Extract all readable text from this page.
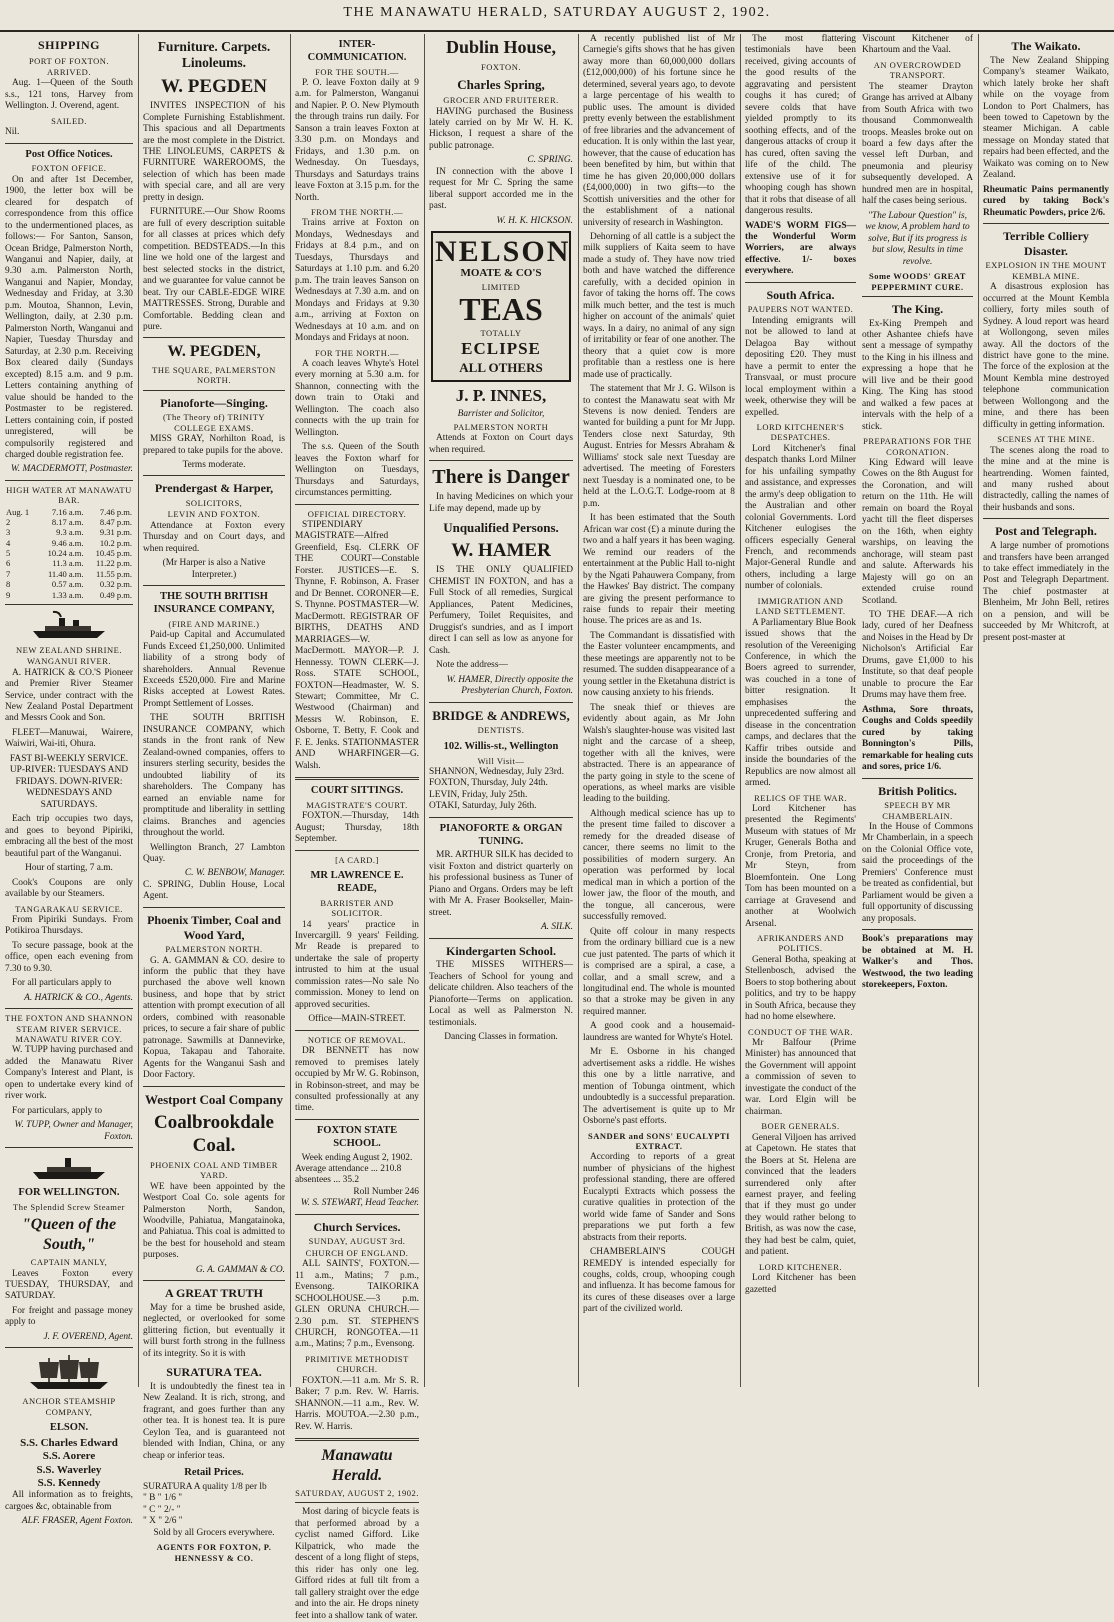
THE MANAWATU HERALD, SATURDAY AUGUST 2, 1902.
SHIPPING
PORT OF FOXTON.
ARRIVED.

Aug. 1—Queen of the South s.s., 121 tons, Harvey from Wellington. J. Overend, agent.

SAILED.
Nil.
Post Office Notices.
FOXTON OFFICE.

On and after 1st December, 1900, the letter box will be cleared for despatch of correspondence from this office to the undermentioned places, as follows:— For Santon, Sanson, Ocean Bridge, Palmerston North, Wanganui and Napier, daily, at 9.30 a.m. Palmerston North, Wanganui and Napier, Monday, Wednesday and Friday, at 3.30 p.m. Moutoa, Shannon, Levin, Wellington, daily, at 2.30 p.m. Palmerston North, Wanganui and Napier, Tuesday Thursday and Saturday, at 2.30 p.m. Receiving Box cleared daily (Sundays excepted) 8.15 a.m. and 9 p.m. Letters containing anything of value should be handed to the Postmaster to be registered. Letters containing coin, if posted unregistered, will be compulsorily registered and charged double registration fee.

W. MACDERMOTT, Postmaster.
HIGH WATER AT MANAWATU BAR.
Aug. 1	7.16 a.m.	7.46 p.m.
2	8.17 a.m.	8.47 p.m.
3	9.3 a.m.	9.31 p.m.
4	9.46 a.m.	10.2 p.m.
5	10.24 a.m.	10.45 p.m.
6	11.3 a.m.	11.22 p.m.
7	11.40 a.m.	11.55 p.m.
8	0.57 a.m.	0.32 p.m.
9	1.33 a.m.	0.49 p.m.
NEW ZEALAND SHRINE.
WANGANUI RIVER.

A. HATRICK & CO.'S Pioneer and Premier River Steamer Service, under contract with the New Zealand Postal Department and Messrs Cook and Son.

FLEET—Manuwai, Wairere, Waiwiri, Wai-iti, Ohura.

FAST BI-WEEKLY SERVICE. UP-RIVER: TUESDAYS AND FRIDAYS. DOWN-RIVER: WEDNESDAYS AND SATURDAYS.

Each trip occupies two days, and goes to beyond Pipiriki, embracing all the best of the most beautiful part of the Wanganui.

Hour of starting, 7 a.m.

Cook's Coupons are only available by our Steamers.

TANGARAKAU SERVICE.

From Pipiriki Sundays. From Potikiroa Thursdays.

To secure passage, book at the office, open each evening from 7.30 to 9.30.

For all particulars apply to

A. HATRICK & CO., Agents.
THE FOXTON AND SHANNON STEAM RIVER SERVICE. MANAWATU RIVER COY.

W. TUPP having purchased and added the Manawatu River Company's Interest and Plant, is open to undertake every kind of river work.

For particulars, apply to

W. TUPP, Owner and Manager, Foxton.
FOR WELLINGTON.
The Splendid Screw Steamer
"Queen of the South,"
CAPTAIN MANLY,

Leaves Foxton every TUESDAY, THURSDAY, and SATURDAY.

For freight and passage money apply to

J. F. OVEREND, Agent.
ANCHOR STEAMSHIP COMPANY,
ELSON.
S.S. Charles Edward
S.S. Aorere
S.S. Waverley
S.S. Kennedy

All information as to freights, cargoes &c, obtainable from

ALF. FRASER, Agent Foxton.
Furniture. Carpets. Linoleums.
W. PEGDEN

INVITES INSPECTION of his Complete Furnishing Establishment. This spacious and all Departments are the most complete in the District. THE LINOLEUMS, CARPETS & FURNITURE WAREROOMS, the selection of which has been made with special care, and all are very pretty in design.

FURNITURE.—Our Show Rooms are full of every description suitable for all classes at prices which defy competition. BEDSTEADS.—In this line we hold one of the largest and best selected stocks in the district, and we guarantee for value cannot be beat. Try our CABLE-EDGE WIRE MATTRESSES. Strong, Durable and Comfortable. Bedding clean and pure.

W. PEGDEN,
THE SQUARE, PALMERSTON NORTH.
Pianoforte—Singing.
(The Theory of) TRINITY COLLEGE EXAMS.

MISS GRAY, Norhilton Road, is prepared to take pupils for the above.

Terms moderate.

Prendergast & Harper,
SOLICITORS,
LEVIN AND FOXTON.

Attendance at Foxton every Thursday and on Court days, and when required.

(Mr Harper is also a Native Interpreter.)

THE SOUTH BRITISH INSURANCE COMPANY,
(FIRE AND MARINE.)

Paid-up Capital and Accumulated Funds Exceed £1,250,000. Unlimited liability of a strong body of shareholders. Annual Revenue Exceeds £520,000. Fire and Marine Risks accepted at Lowest Rates. Prompt Settlement of Losses.

THE SOUTH BRITISH INSURANCE COMPANY, which stands in the front rank of New Zealand-owned companies, offers to insurers sterling security, besides the undoubted liability of its shareholders. The Company has earned an enviable name for promptitude and liberality in settling claims. Branches and agencies throughout the world.

Wellington Branch, 27 Lambton Quay.

C. W. BENBOW, Manager.

C. SPRING, Dublin House, Local Agent.

Phoenix Timber, Coal and Wood Yard,
PALMERSTON NORTH.

G. A. GAMMAN & CO. desire to inform the public that they have purchased the above well known business, and hope that by strict attention with prompt execution of all orders, combined with reasonable prices, to secure a fair share of public patronage. Sawmills at Dannevirke, Kopua, Takapau and Tahoraite. Agents for the Wanganui Sash and Door Factory.

Westport Coal Company
Coalbrookdale Coal.
PHOENIX COAL AND TIMBER YARD.

WE have been appointed by the Westport Coal Co. sole agents for Palmerston North, Sandon, Woodville, Pahiatua, Mangatainoka, and Pahiatua. This coal is admitted to be the best for household and steam purposes.

G. A. GAMMAN & CO.
A GREAT TRUTH

May for a time be brushed aside, neglected, or overlooked for some glittering fiction, but eventually it will burst forth strong in the fullness of its integrity. So it is with

SURATURA TEA.

It is undoubtedly the finest tea in New Zealand. It is rich, strong, and fragrant, and goes further than any other tea. It is honest tea. It is pure Ceylon Tea, and is guaranteed not blended with Indian, China, or any cheap or inferior teas.

Retail Prices.
SURATURA A quality 1/8 per lb
" B " 1/6 "
" C " 2/- "
" X " 2/6 "

Sold by all Grocers everywhere.

AGENTS FOR FOXTON, P. HENNESSY & CO.
Dublin House,
FOXTON.
Charles Spring,
GROCER AND FRUITERER.

HAVING purchased the Business lately carried on by Mr W. H. K. Hickson, I request a share of the public patronage.

C. SPRING.

IN connection with the above I request for Mr C. Spring the same liberal support accorded me in the past.

W. H. K. HICKSON.
NELSON
MOATE & CO'S
LIMITED
TEAS
TOTALLY
ECLIPSE
ALL OTHERS
J. P. INNES,
Barrister and Solicitor,
PALMERSTON NORTH

Attends at Foxton on Court days when required.

There is Danger

In having Medicines on which your Life may depend, made up by

Unqualified Persons.
W. HAMER

IS THE ONLY QUALIFIED CHEMIST IN FOXTON, and has a Full Stock of all remedies, Surgical Appliances, Patent Medicines, Perfumery, Toilet Requisites, and Druggist's sundries, and as I import direct I can sell as low as anyone for Cash.

Note the address—

W. HAMER, Directly opposite the Presbyterian Church, Foxton.
BRIDGE & ANDREWS,
DENTISTS.
102. Willis-st., Wellington
Will Visit—
SHANNON, Wednesday, July 23rd.
FOXTON, Thursday, July 24th.
LEVIN, Friday, July 25th.
OTAKI, Saturday, July 26th.
PIANOFORTE & ORGAN TUNING.

MR. ARTHUR SILK has decided to visit Foxton and district quarterly on his professional business as Tuner of Piano and Organs. Orders may be left with Mr A. Fraser Bookseller, Main-street.

A. SILK.
Kindergarten School.

THE MISSES WITHERS—Teachers of School for young and delicate children. Also teachers of the Pianoforte—Terms on application. Local as well as Palmerston N. testimonials.

Dancing Classes in formation.

INTER-COMMUNICATION.
FOR THE SOUTH.—

P. O. leave Foxton daily at 9 a.m. for Palmerston, Wanganui and Napier. P. O. New Plymouth the through trains run daily. For Sanson a train leaves Foxton at 3.30 p.m. on Mondays and Fridays, and 1.30 p.m. on Wednesday. On Tuesdays, Thursdays and Saturdays trains leave Foxton at 3.15 p.m. for the North.

FROM THE NORTH.—

Trains arrive at Foxton on Mondays, Wednesdays and Fridays at 8.4 p.m., and on Tuesdays, Thursdays and Saturdays at 1.10 p.m. and 6.20 p.m. The train leaves Sanson on Wednesdays at 7.30 a.m. and on Mondays and Fridays at 9.30 a.m., arriving at Foxton on Wednesdays at 10 a.m. and on Mondays and Fridays at noon.

FOR THE NORTH.—

A coach leaves Whyte's Hotel every morning at 5.30 a.m. for Shannon, connecting with the down train to Otaki and Wellington. The coach also connects with the up train for Wellington.

The s.s. Queen of the South leaves the Foxton wharf for Wellington on Tuesdays, Thursdays and Saturdays, circumstances permitting.

OFFICIAL DIRECTORY.

STIPENDIARY MAGISTRATE—Alfred Greenfield, Esq. CLERK OF THE COURT—Constable Forster. JUSTICES—E. S. Thynne, F. Robinson, A. Fraser and Dr Bennet. CORONER—E. S. Thynne. POSTMASTER—W. MacDermott. REGISTRAR OF BIRTHS, DEATHS AND MARRIAGES—W. MacDermott. MAYOR—P. J. Hennessy. TOWN CLERK—J. Ross. STATE SCHOOL, FOXTON—Headmaster, W. S. Stewart; Committee, Mr C. Westwood (Chairman) and Messrs W. Robinson, E. Osborne, T. Betty, F. Cook and F. E. Jenks. STATIONMASTER AND WHARFINGER—G. Walsh.

COURT SITTINGS.
MAGISTRATE'S COURT.

FOXTON.—Thursday, 14th August; Thursday, 18th September.

[A CARD.]
MR LAWRENCE E. READE,
BARRISTER AND SOLICITOR.

14 years' practice in Invercargill. 9 years' Feilding. Mr Reade is prepared to undertake the sale of property intrusted to him at the usual commission rates—No sale No commission. Money to lend on approved securities.

Office—MAIN-STREET.

NOTICE OF REMOVAL.

DR BENNETT has now removed to premises lately occupied by Mr W. G. Robinson, in Robinson-street, and may be consulted professionally at any time.

FOXTON STATE SCHOOL.
Week ending August 2, 1902.
Average attendance ... 210.8
absentees ... 35.2
Roll Number 246
W. S. STEWART, Head Teacher.
Church Services.
SUNDAY, AUGUST 3rd.
CHURCH OF ENGLAND.

ALL SAINTS', FOXTON.—11 a.m., Matins; 7 p.m., Evensong. TAIKORIKA SCHOOLHOUSE.—3 p.m. GLEN ORUNA CHURCH.—2.30 p.m. ST. STEPHEN'S CHURCH, RONGOTEA.—11 a.m., Matins; 7 p.m., Evensong.

PRIMITIVE METHODIST CHURCH.

FOXTON.—11 a.m. Mr S. R. Baker; 7 p.m. Rev. W. Harris. SHANNON.—11 a.m., Rev. W. Harris. MOUTOA.—2.30 p.m., Rev. W. Harris.

Manawatu Herald.
SATURDAY, AUGUST 2, 1902.

Most daring of bicycle feats is that performed abroad by a cyclist named Gifford. Like Kilpatrick, who made the descent of a long flight of steps, this rider has only one leg. Gifford rides at full tilt from a tall gallery straight over the edge and into the air. He drops ninety feet into a shallow tank of water.

A recently published list of Mr Carnegie's gifts shows that he has given away more than 60,000,000 dollars (£12,000,000) of his fortune since he determined, several years ago, to devote a large percentage of his wealth to public uses. The amount is divided pretty evenly between the establishment of free libraries and the advancement of education. It is only within the last year, however, that the cause of education has been benefited by him, but within that time he has given 20,000,000 dollars (£4,000,000) in two gifts—to the Scottish universities and the other for the establishment of a national university of research in Washington.

Dehorning of all cattle is a subject the milk suppliers of Kaita seem to have made a study of. They have now tried both and have watched the difference carefully, with a decided opinion in favor of taking the horns off. The cows milk much better, and the test is much higher on account of the animals' quiet ways. In a dairy, no animal of any sign of irritability or fear of one another. The theory that a quiet cow is more profitable than a restless one is here made use of practically.

The statement that Mr J. G. Wilson is to contest the Manawatu seat with Mr Stevens is now denied. Tenders are wanted for building a punt for Mr Jupp. Tenders close next Saturday, 9th August. Entries for Messrs Abraham & Williams' stock sale next Tuesday are advertised. The meeting of Foresters next Tuesday is a nominated one, to be held at the L.O.G.T. Lodge-room at 8 p.m.

It has been estimated that the South African war cost (£) a minute during the two and a half years it has been waging. We remind our readers of the entertainment at the Public Hall to-night by the Ngati Pahauwera Company, from the Hawkes' Bay district. The company are giving the present performance to raise funds to repair their meeting house. The prices are as and 1s.

The Commandant is dissatisfied with the Easter volunteer encampments, and these meetings are apparently not to be resumed. The sudden disappearance of a young settler in the Eketahuna district is now causing anxiety to his friends.

The sneak thief or thieves are evidently about again, as Mr John Walsh's slaughter-house was visited last night and the carcase of a sheep, together with all the knives, were abstracted. There is an appearance of the party going in style to the scene of operations, as wheel marks are visible leading to the building.

Although medical science has up to the present time failed to discover a remedy for the dreaded disease of cancer, there seems no limit to the possibilities of modern surgery. An operation was performed by local medical man in which a portion of the lower jaw, the floor of the mouth, and the tongue, all cancerous, were successfully removed.

Quite off colour in many respects from the ordinary billiard cue is a new cue just patented. The parts of which it is comprised are a spiral, a case, a collar, and a small screw, and a longitudinal end. The whole is mounted so that a stroke may be given in any required manner.

A good cook and a housemaid-laundress are wanted for Whyte's Hotel.

Mr E. Osborne in his changed advertisement asks a riddle. He wishes this one by a little narrative, and mention of Tobunga ointment, which undoubtedly is a successful preparation. The advertisement is quite up to Mr Osborne's past efforts.

SANDER and SONS' EUCALYPTI EXTRACT.

According to reports of a great number of physicians of the highest professional standing, there are offered Eucalypti Extracts which possess the curative qualities in protection of the world wide fame of Sander and Sons preparations we put forth a few abstracts from their reports.

CHAMBERLAIN'S COUGH REMEDY is intended especially for coughs, colds, croup, whooping cough and influenza. It has become famous for its cures of these diseases over a large part of the civilized world.

The most flattering testimonials have been received, giving accounts of the good results of the aggravating and persistent coughs it has cured; of severe colds that have yielded promptly to its soothing effects, and of the dangerous attacks of croup it has cured, often saving the life of the child. The extensive use of it for whooping cough has shown that it robs that disease of all dangerous results.

WADE'S WORM FIGS—the Wonderful Worm Worriers, are always effective. 1/- boxes everywhere.

South Africa.
PAUPERS NOT WANTED.

Intending emigrants will not be allowed to land at Delagoa Bay without depositing £20. They must have a permit to enter the Transvaal, or must procure local employment within a week, otherwise they will be expelled.

LORD KITCHENER'S DESPATCHES.

Lord Kitchener's final despatch thanks Lord Milner for his unfailing sympathy and assistance, and expresses the army's deep obligation to the Australian and other colonial Governments. Lord Kitchener eulogises the officers especially General French, and recommends Major-General Rundle and others, including a large number of colonials.

IMMIGRATION AND LAND SETTLEMENT.

A Parliamentary Blue Book issued shows that the resolution of the Vereeniging Conference, in which the Boers agreed to surrender, was couched in a tone of bitter resignation. It emphasises the unprecedented suffering and disease in the concentration camps, and declares that the Kaffir tribes outside and inside the boundaries of the Republics are now almost all armed.

RELICS OF THE WAR.

Lord Kitchener has presented the Regiments' Museum with statues of Mr Kruger, Generals Botha and Cronje, from Pretoria, and Mr Steyn, from Bloemfontein. One Long Tom has been mounted on a carriage at Gravesend and another at Woolwich Arsenal.

AFRIKANDERS AND POLITICS.

General Botha, speaking at Stellenbosch, advised the Boers to stop bothering about politics, and try to be happy in South Africa, because they had no home elsewhere.

CONDUCT OF THE WAR.

Mr Balfour (Prime Minister) has announced that the Government will appoint a commission of seven to investigate the conduct of the war. Lord Elgin will be chairman.

BOER GENERALS.

General Viljoen has arrived at Capetown. He states that the Boers at St. Helena are convinced that the leaders surrendered only after earnest prayer, and feeling that if they must go under they would rather belong to British, as was now the case, they had best be calm, quiet, and patient.

LORD KITCHENER.

Lord Kitchener has been gazetted

Viscount Kitchener of Khartoum and the Vaal.

AN OVERCROWDED TRANSPORT.

The steamer Drayton Grange has arrived at Albany from South Africa with two thousand Commonwealth troops. Measles broke out on board a few days after the vessel left Durban, and pneumonia and pleurisy subsequently developed. A hundred men are in hospital, half the cases being serious.

"The Labour Question" is, we know, A problem hard to solve, But if its progress is but slow, Results in time revolve.

Some WOODS' GREAT PEPPERMINT CURE.
The King.

Ex-King Prempeh and other Ashantee chiefs have sent a message of sympathy to the King in his illness and expressing a hope that he will live and be their good King. The King has stood and walked a few paces at intervals with the help of a stick.

PREPARATIONS FOR THE CORONATION.

King Edward will leave Cowes on the 8th August for the Coronation, and will return on the 11th. He will remain on board the Royal yacht till the fleet disperses on the 16th, when eighty warships, on leaving the anchorage, will steam past and salute. Afterwards his Majesty will go on an extended cruise round Scotland.

TO THE DEAF.—A rich lady, cured of her Deafness and Noises in the Head by Dr Nicholson's Artificial Ear Drums, gave £1,000 to his Institute, so that deaf people unable to procure the Ear Drums may have them free.

Asthma, Sore throats, Coughs and Colds speedily cured by taking Bonnington's Pills, remarkable for healing cuts and sores, price 1/6.

British Politics.
SPEECH BY MR CHAMBERLAIN.

In the House of Commons Mr Chamberlain, in a speech on the Colonial Office vote, said the proceedings of the Premiers' Conference must be treated as confidential, but Parliament would be given a full opportunity of discussing any proposals.

Book's preparations may be obtained at M. H. Walker's and Thos. Westwood, the two leading storekeepers, Foxton.

The Waikato.

The New Zealand Shipping Company's steamer Waikato, which lately broke her shaft while on the voyage from London to Port Chalmers, has been towed to Capetown by the steamer Michigan. A cable message on Monday stated that repairs had been effected, and the Waikato was coming on to New Zealand.

Rheumatic Pains permanently cured by taking Bock's Rheumatic Powders, price 2/6.

Terrible Colliery Disaster.
EXPLOSION IN THE MOUNT KEMBLA MINE.

A disastrous explosion has occurred at the Mount Kembla colliery, forty miles south of Sydney. A loud report was heard at Wollongong, seven miles away. All the doctors of the district have gone to the mine. The force of the explosion at the Mount Kembla mine destroyed telephone communication between Wollongong and the mine, and there has been difficulty in getting information.

SCENES AT THE MINE.

The scenes along the road to the mine and at the mine is heartrending. Women fainted, and many rushed about distractedly, calling the names of their husbands and sons.

Post and Telegraph.

A large number of promotions and transfers have been arranged to take effect immediately in the Post and Telegraph Department. The chief postmaster at Blenheim, Mr John Bell, retires on a pension, and will be succeeded by Mr Whitcroft, at present post-master at
